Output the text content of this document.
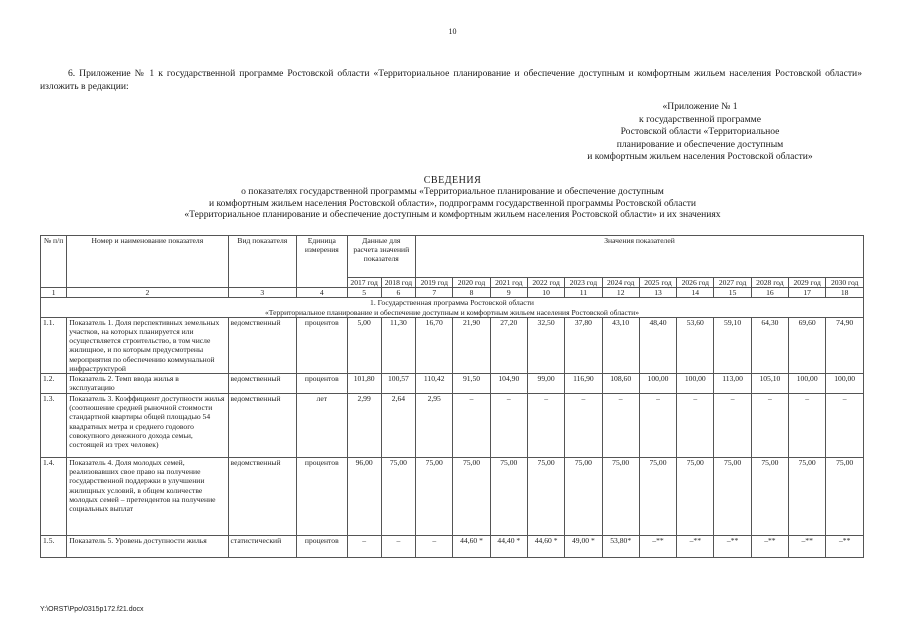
10
6. Приложение № 1 к государственной программе Ростовской области «Территориальное планирование и обеспечение доступным и комфортным жильем населения Ростовской области» изложить в редакции:
«Приложение № 1
к государственной программе
Ростовской области «Территориальное
планирование и обеспечение доступным
и комфортным жильем населения Ростовской области»
СВЕДЕНИЯ
о показателях государственной программы «Территориальное планирование и обеспечение доступным
и комфортным жильем населения Ростовской области», подпрограмм государственной программы Ростовской области
«Территориальное планирование и обеспечение доступным и комфортным жильем населения Ростовской области» и их значениях
№ п/п	Номер и наименование показателя	Вид показателя	Единица измерения	Данные для расчета значений показателя		Значения показателей											
				2017 год	2018 год	2019 год	2020 год	2021 год	2022 год	2023 год	2024 год	2025 год	2026 год	2027 год	2028 год	2029 год	2030 год
1	2	3	4	5	6	7	8	9	10	11	12	13	14	15	16	17	18

1. Государственная программа Ростовской области
«Территориальное планирование и обеспечение доступным и комфортным жильем населения Ростовской области»																	

1.1.	Показатель 1. Доля перспективных земельных участков, на которых планируется или осуществляется строительство, в том числе жилищное, и по которым предусмотрены мероприятия по обеспечению коммунальной инфраструктурой	ведомственный	процентов	5,00	11,30	16,70	21,90	27,20	32,50	37,80	43,10	48,40	53,60	59,10	64,30	69,60	74,90
1.2.	Показатель 2. Темп ввода жилья в эксплуатацию	ведомственный	процентов	101,80	100,57	110,42	91,50	104,90	99,00	116,90	108,60	100,00	100,00	113,00	105,10	100,00	100,00
1.3.	Показатель 3. Коэффициент доступности жилья (соотношение средней рыночной стоимости стандартной квартиры общей площадью 54 квадратных метра и среднего годового совокупного денежного дохода семьи, состоящей из трех человек)	ведомственный	лет	2,99	2,64	2,95	–	–	–	–	–	–	–	–	–	–	–
1.4.	Показатель 4. Доля молодых семей, реализовавших свое право на получение государственной поддержки в улучшении жилищных условий, в общем количестве молодых семей – претендентов на получение социальных выплат	ведомственный	процентов	96,00	75,00	75,00	75,00	75,00	75,00	75,00	75,00	75,00	75,00	75,00	75,00	75,00	75,00
1.5.	Показатель 5. Уровень доступности жилья	статистический	процентов	–	–	–	44,60 *	44,40 *	44,60 *	49,00 *	53,80*	–**	–**	–**	–**	–**	–**
Y:\ORST\Ppo\0315p172.f21.docx
